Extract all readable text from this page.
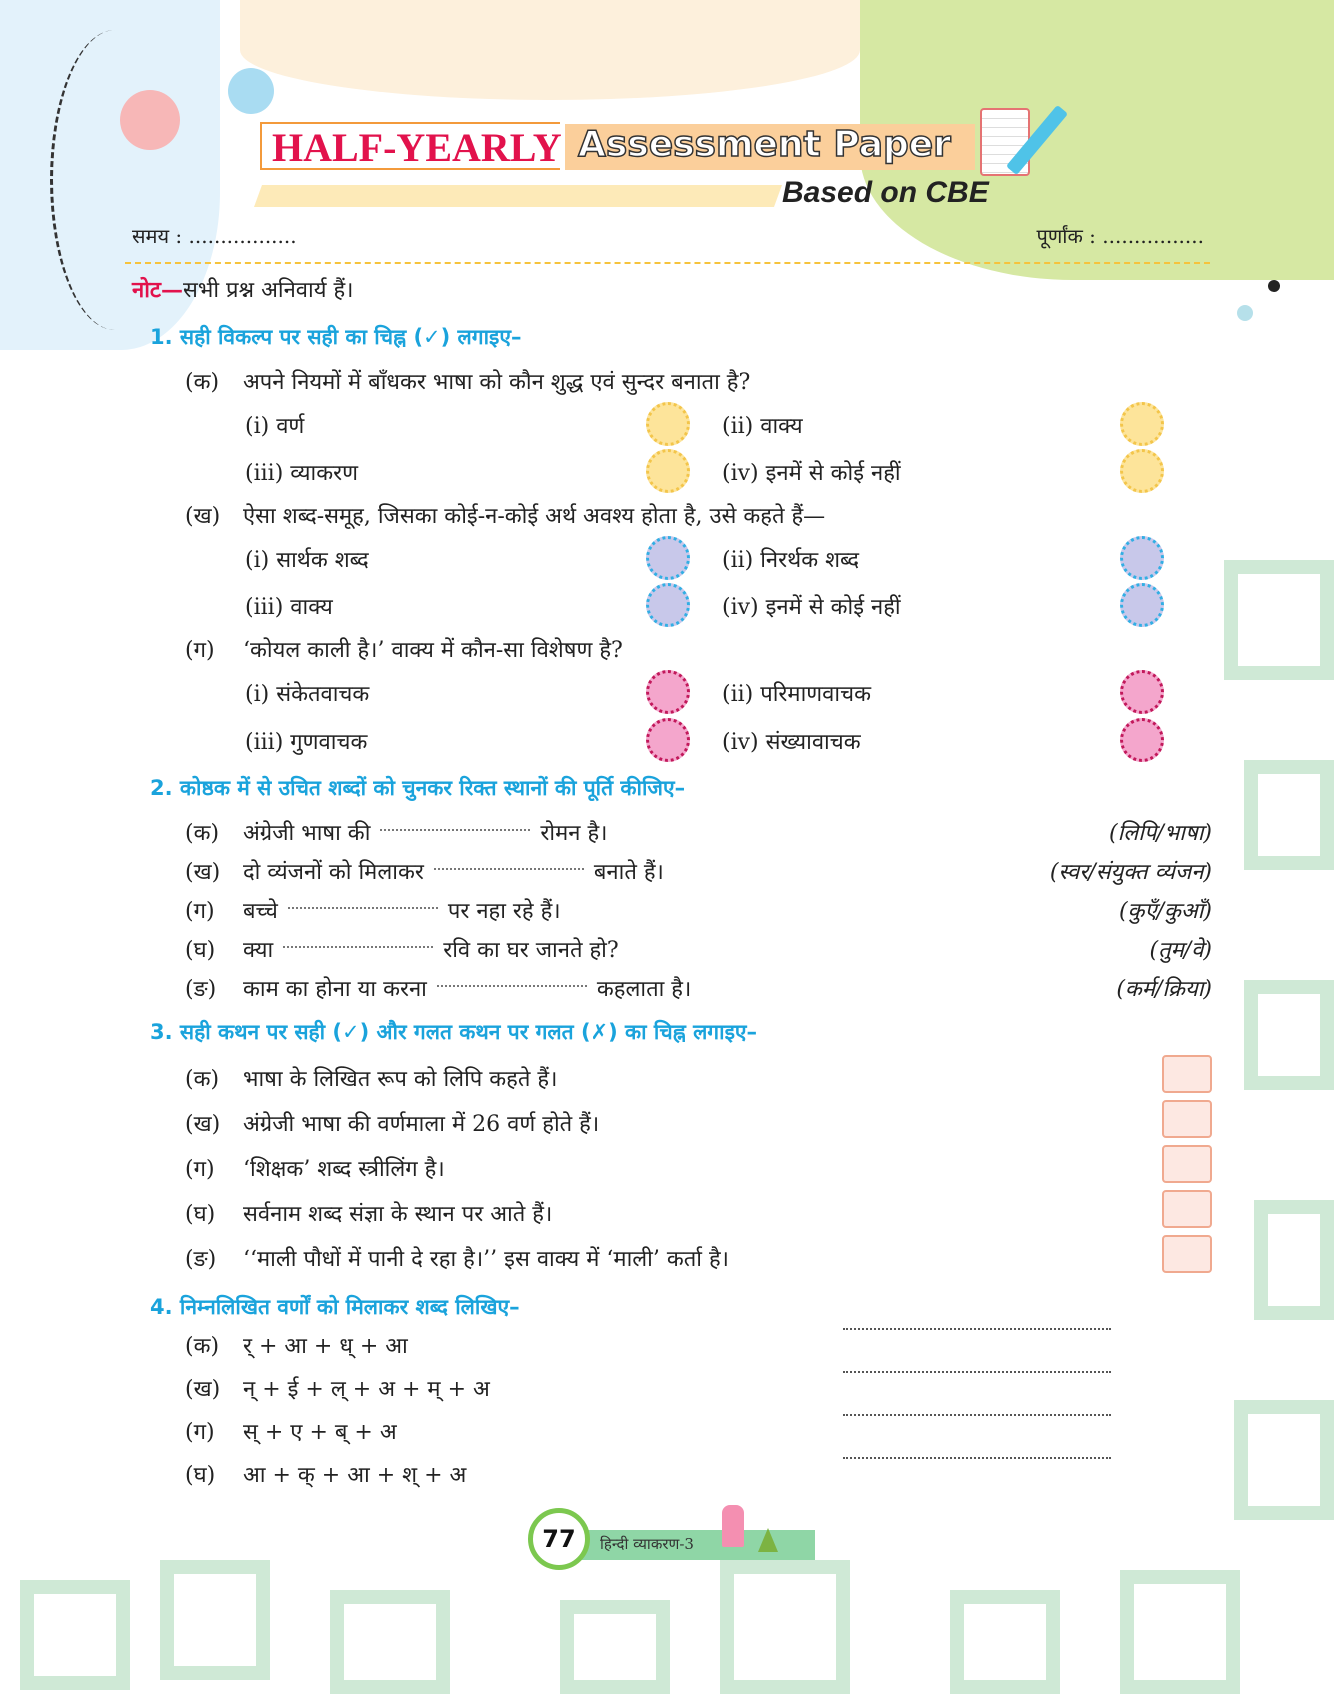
HALF-YEARLY Assessment Paper
Based on CBE
समय : .................	पूर्णांक : ................
नोट—सभी प्रश्न अनिवार्य हैं।
1. सही विकल्प पर सही का चिह्न (✓) लगाइए–
(क) अपने नियमों में बाँधकर भाषा को कौन शुद्ध एवं सुन्दर बनाता है?
(i) वर्ण	(ii) वाक्य
(iii) व्याकरण	(iv) इनमें से कोई नहीं
(ख) ऐसा शब्द-समूह, जिसका कोई-न-कोई अर्थ अवश्य होता है, उसे कहते हैं—
(i) सार्थक शब्द	(ii) निरर्थक शब्द
(iii) वाक्य	(iv) इनमें से कोई नहीं
(ग) ‘कोयल काली है।’ वाक्य में कौन-सा विशेषण है?
(i) संकेतवाचक	(ii) परिमाणवाचक
(iii) गुणवाचक	(iv) संख्यावाचक
2. कोष्ठक में से उचित शब्दों को चुनकर रिक्त स्थानों की पूर्ति कीजिए–
(क) अंग्रेजी भाषा की	रोमन है।	(लिपि/भाषा)
(ख) दो व्यंजनों को मिलाकर	बनाते हैं।	(स्वर/संयुक्त व्यंजन)
(ग) बच्चे	पर नहा रहे हैं।	(कुएँ/कुआँ)
(घ) क्या	रवि का घर जानते हो?	(तुम/वे)
(ङ) काम का होना या करना	कहलाता है।	(कर्म/क्रिया)
3. सही कथन पर सही (✓) और गलत कथन पर गलत (✗) का चिह्न लगाइए–
(क) भाषा के लिखित रूप को लिपि कहते हैं।
(ख) अंग्रेजी भाषा की वर्णमाला में 26 वर्ण होते हैं।
(ग) ‘शिक्षक’ शब्द स्त्रीलिंग है।
(घ) सर्वनाम शब्द संज्ञा के स्थान पर आते हैं।
(ङ) ‘‘माली पौधों में पानी दे रहा है।’’ इस वाक्य में ‘माली’ कर्ता है।
4. निम्नलिखित वर्णों को मिलाकर शब्द लिखिए–
(क) र् + आ + ध् + आ
(ख) न् + ई + ल् + अ + म् + अ
(ग) स् + ए + ब् + अ
(घ) आ + क् + आ + श् + अ
77	हिन्दी व्याकरण-3
